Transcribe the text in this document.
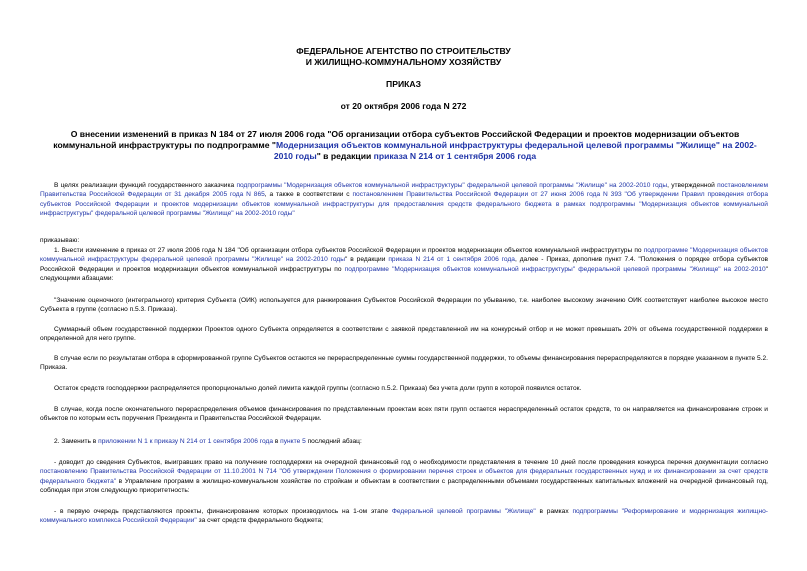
ФЕДЕРАЛЬНОЕ АГЕНТСТВО ПО СТРОИТЕЛЬСТВУ
И ЖИЛИЩНО-КОММУНАЛЬНОМУ ХОЗЯЙСТВУ
ПРИКАЗ
от 20 октября 2006 года N 272
О внесении изменений в приказ N 184 от 27 июля 2006 года "Об организации отбора субъектов Российской Федерации и проектов модернизации объектов коммунальной инфраструктуры по подпрограмме "Модернизация объектов коммунальной инфраструктуры федеральной целевой программы "Жилище" на 2002-2010 годы" в редакции приказа N 214 от 1 сентября 2006 года
В целях реализации функций государственного заказчика подпрограммы "Модернизация объектов коммунальной инфраструктуры" федеральной целевой программы "Жилище" на 2002-2010 годы, утвержденной постановлением Правительства Российской Федерации от 31 декабря 2005 года N 865, а также в соответствии с постановлением Правительства Российской Федерации от 27 июня 2006 года N 393 "Об утверждении Правил проведения отбора субъектов Российской Федерации и проектов модернизации объектов коммунальной инфраструктуры для предоставления средств федерального бюджета в рамках подпрограммы "Модернизация объектов коммунальной инфраструктуры" федеральной целевой программы "Жилище" на 2002-2010 годы"
приказываю:
1. Внести изменение в приказ от 27 июля 2006 года N 184 "Об организации отбора субъектов Российской Федерации и проектов модернизации объектов коммунальной инфраструктуры по подпрограмме "Модернизация объектов коммунальной инфраструктуры федеральной целевой программы "Жилище" на 2002-2010 годы" в редакции приказа N 214 от 1 сентября 2006 года, далее - Приказ, дополнив пункт 7.4. "Положения о порядке отбора субъектов Российской Федерации и проектов модернизации объектов коммунальной инфраструктуры по подпрограмме "Модернизация объектов коммунальной инфраструктуры" федеральной целевой программы "Жилище" на 2002-2010" следующими абзацами:
"Значение оценочного (интегрального) критерия Субъекта (ОИК) используется для ранжирования Субъектов Российской Федерации по убыванию, т.е. наиболее высокому значению ОИК соответствует наиболее высокое место Субъекта в группе (согласно п.5.3. Приказа).
Суммарный объем государственной поддержки Проектов одного Субъекта определяется в соответствии с заявкой представленной им на конкурсный отбор и не может превышать 20% от объема государственной поддержки в определенной для него группе.
В случае если по результатам отбора в сформированной группе Субъектов остаются не перераспределенные суммы государственной поддержки, то объемы финансирования перераспределяются в порядке указанном в пункте 5.2. Приказа.
Остаток средств господдержки распределяется пропорционально долей лимита каждой группы (согласно п.5.2. Приказа) без учета доли групп в которой появился остаток.
В случае, когда после окончательного перераспределения объемов финансирования по представленным проектам всех пяти групп остается нераспределенный остаток средств, то он направляется на финансирование строек и объектов по которым есть поручения Президента и Правительства Российской Федерации.
2. Заменить в приложении N 1 к приказу N 214 от 1 сентября 2006 года в пункте 5 последний абзац:
- доводит до сведения Субъектов, выигравших право на получение господдержки на очередной финансовый год о необходимости представления в течение 10 дней после проведения конкурса перечня документации согласно постановлению Правительства Российской Федерации от 11.10.2001 N 714 "Об утверждении Положения о формировании перечня строек и объектов для федеральных государственных нужд и их финансировании за счет средств федерального бюджета" в Управление программ в жилищно-коммунальном хозяйстве по стройкам и объектам в соответствии с распределенными объемами государственных капитальных вложений на очередной финансовый год, соблюдая при этом следующую приоритетность:
- в первую очередь представляются проекты, финансирование которых производилось на 1-ом этапе Федеральной целевой программы "Жилище" в рамках подпрограммы "Реформирование и модернизация жилищно-коммунального комплекса Российской Федерации" за счет средств федерального бюджета;
